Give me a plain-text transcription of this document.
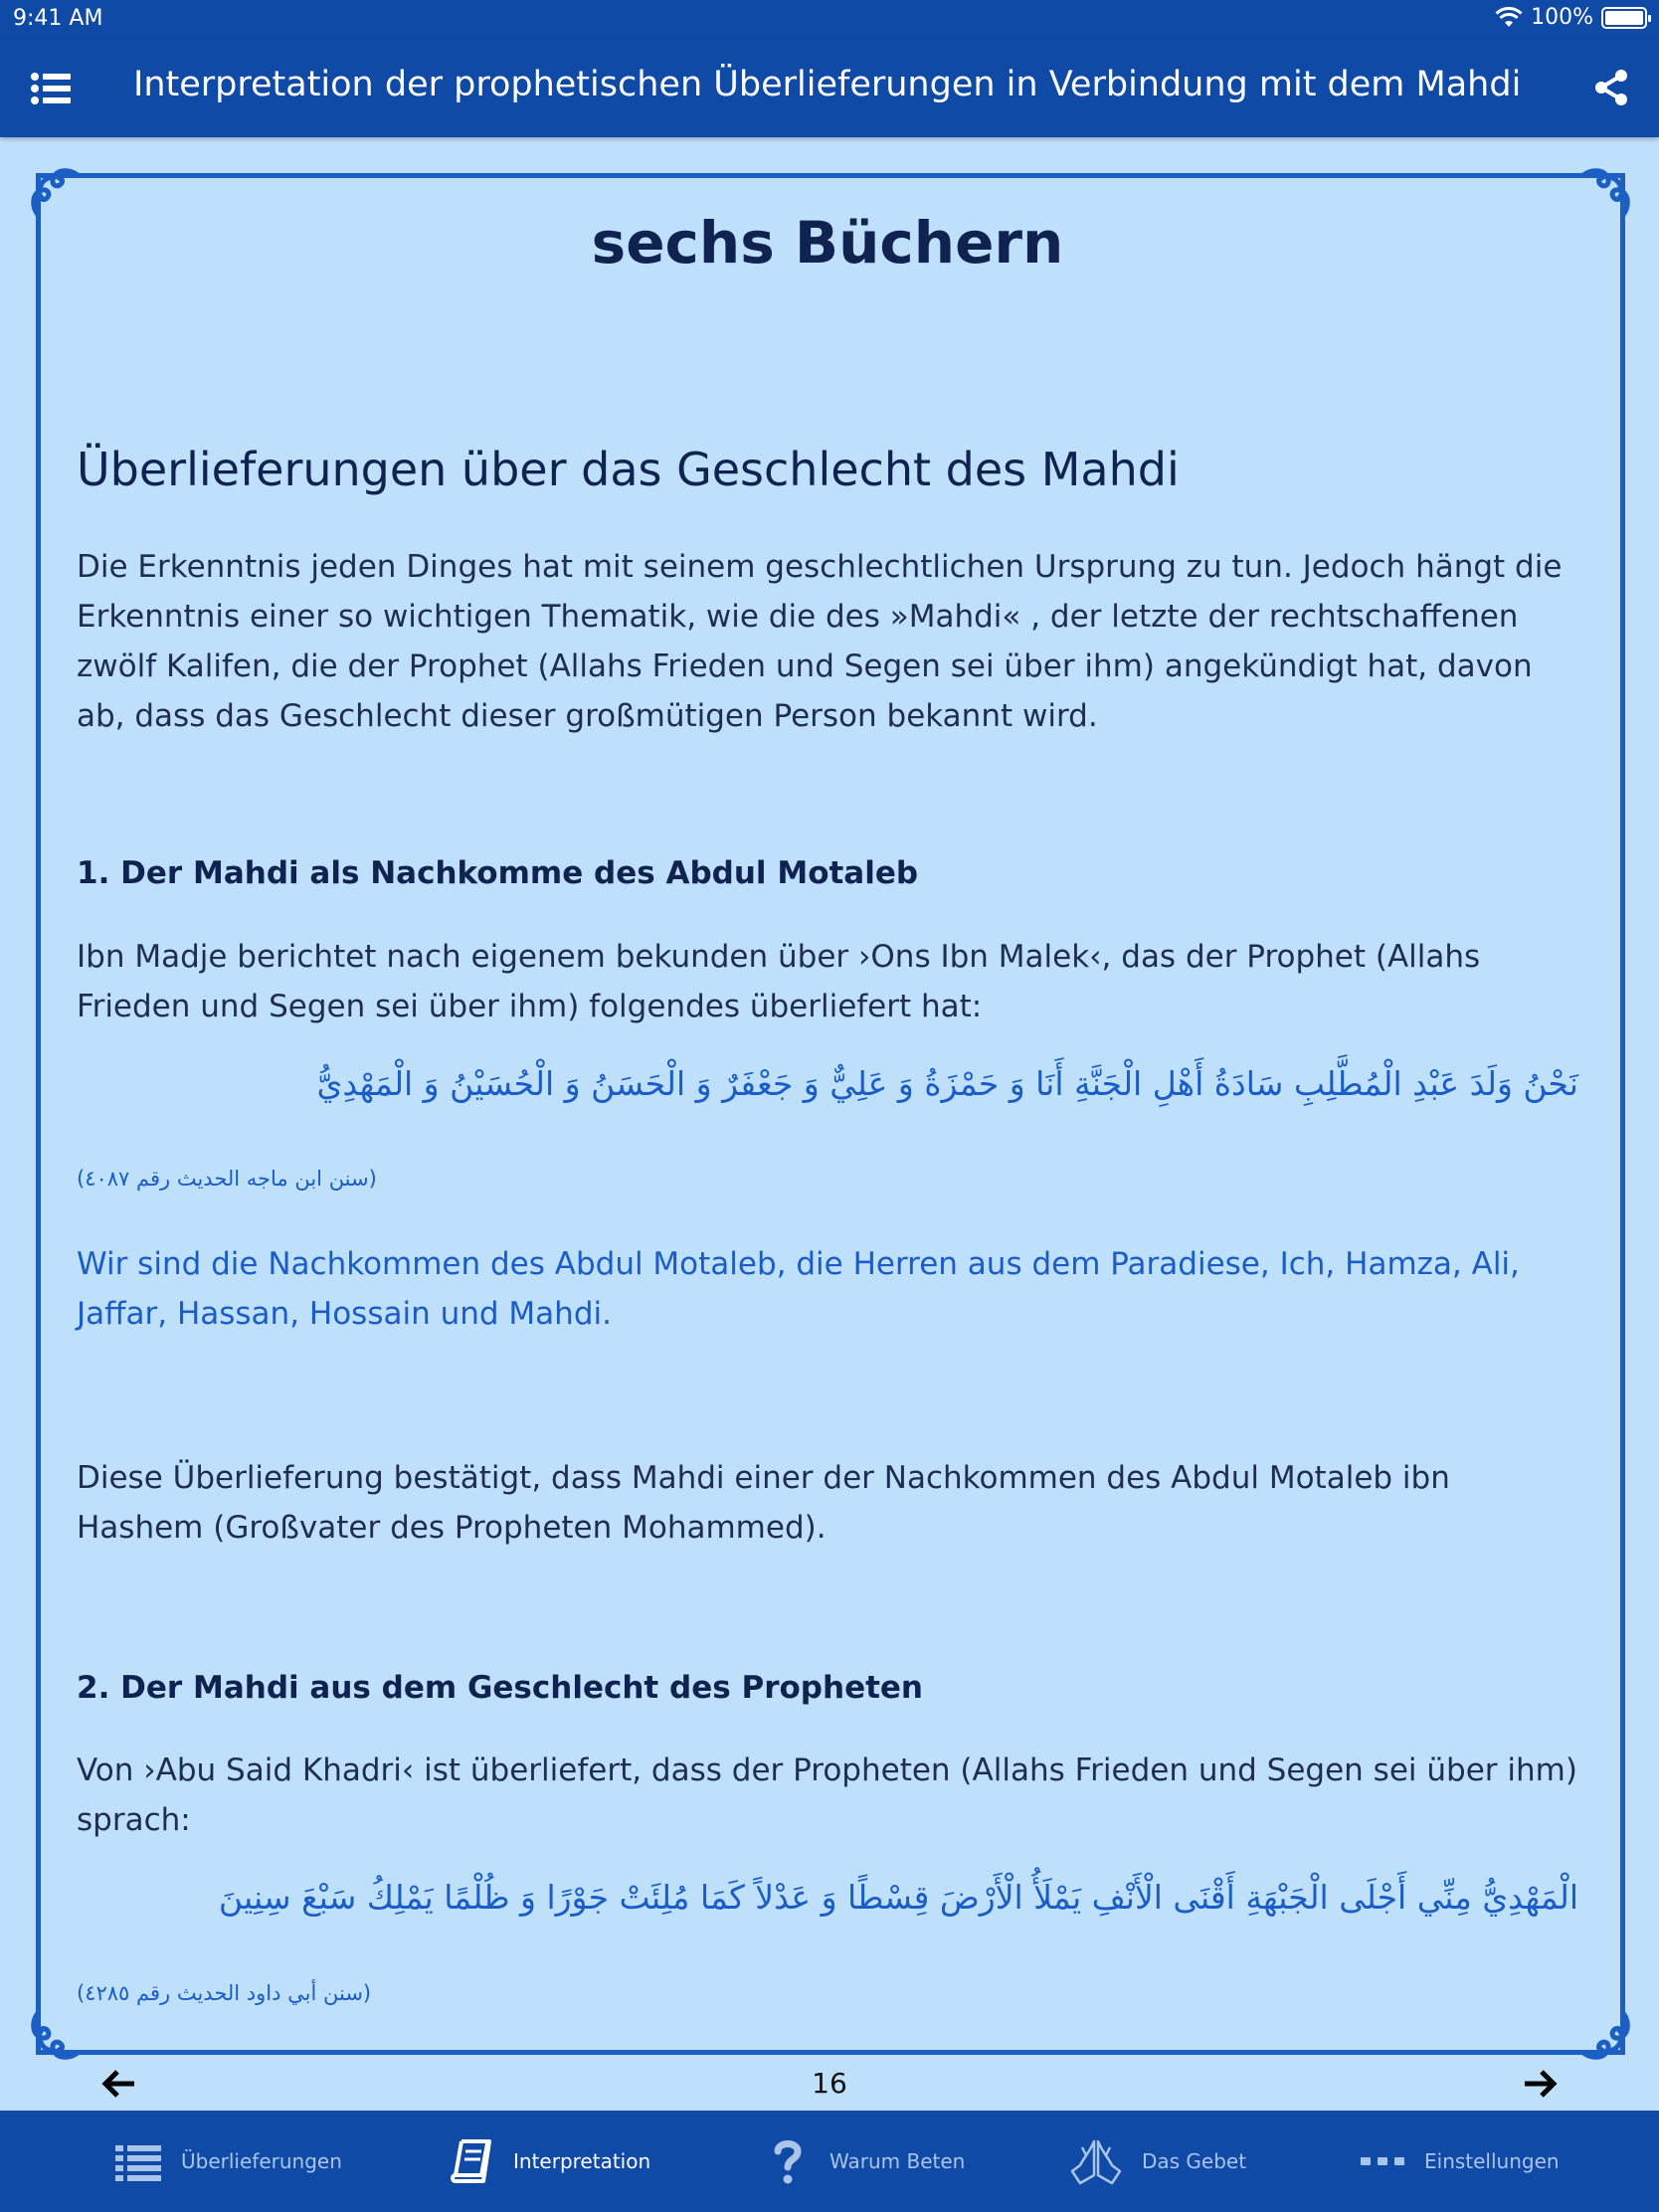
9:41 AM	100%
Interpretation der prophetischen Überlieferungen in Verbindung mit dem Mahdi
sechs Büchern
Überlieferungen über das Geschlecht des Mahdi
Die Erkenntnis jeden Dinges hat mit seinem geschlechtlichen Ursprung zu tun. Jedoch hängt die Erkenntnis einer so wichtigen Thematik, wie die des »Mahdi« , der letzte der rechtschaffenen zwölf Kalifen, die der Prophet (Allahs Frieden und Segen sei über ihm) angekündigt hat, davon ab, dass das Geschlecht dieser großmütigen Person bekannt wird.
1. Der Mahdi als Nachkomme des Abdul Motaleb
Ibn Madje berichtet nach eigenem bekunden über ›Ons Ibn Malek‹, das der Prophet (Allahs Frieden und Segen sei über ihm) folgendes überliefert hat:
نَحْنُ وَلَدَ عَبْدِ الْمُطَّلِبِ سَادَةُ أَهْلِ الْجَنَّةِ أَنَا وَ حَمْزَةُ وَ عَلِيٌّ وَ جَعْفَرٌ وَ الْحَسَنُ وَ الْحُسَيْنُ وَ الْمَهْدِيُّ
(سنن ابن ماجه الحديث رقم ٤٠٨٧)
Wir sind die Nachkommen des Abdul Motaleb, die Herren aus dem Paradiese, Ich, Hamza, Ali, Jaffar, Hassan, Hossain und Mahdi.
Diese Überlieferung bestätigt, dass Mahdi einer der Nachkommen des Abdul Motaleb ibn Hashem (Großvater des Propheten Mohammed).
2. Der Mahdi aus dem Geschlecht des Propheten
Von ›Abu Said Khadri‹ ist überliefert, dass der Propheten (Allahs Frieden und Segen sei über ihm) sprach:
الْمَهْدِيُّ مِنِّي أَجْلَى الْجَبْهَةِ أَقْنَى الْأَنْفِ يَمْلَأُ الْأَرْضَ قِسْطًا وَ عَدْلاً كَمَا مُلِئَتْ جَوْرًا وَ ظُلْمًا يَمْلِكُ سَبْعَ سِنِينَ
(سنن أبي داود الحديث رقم ٤٢٨٥)
16
Überlieferungen	Interpretation	Warum Beten	Das Gebet	Einstellungen
